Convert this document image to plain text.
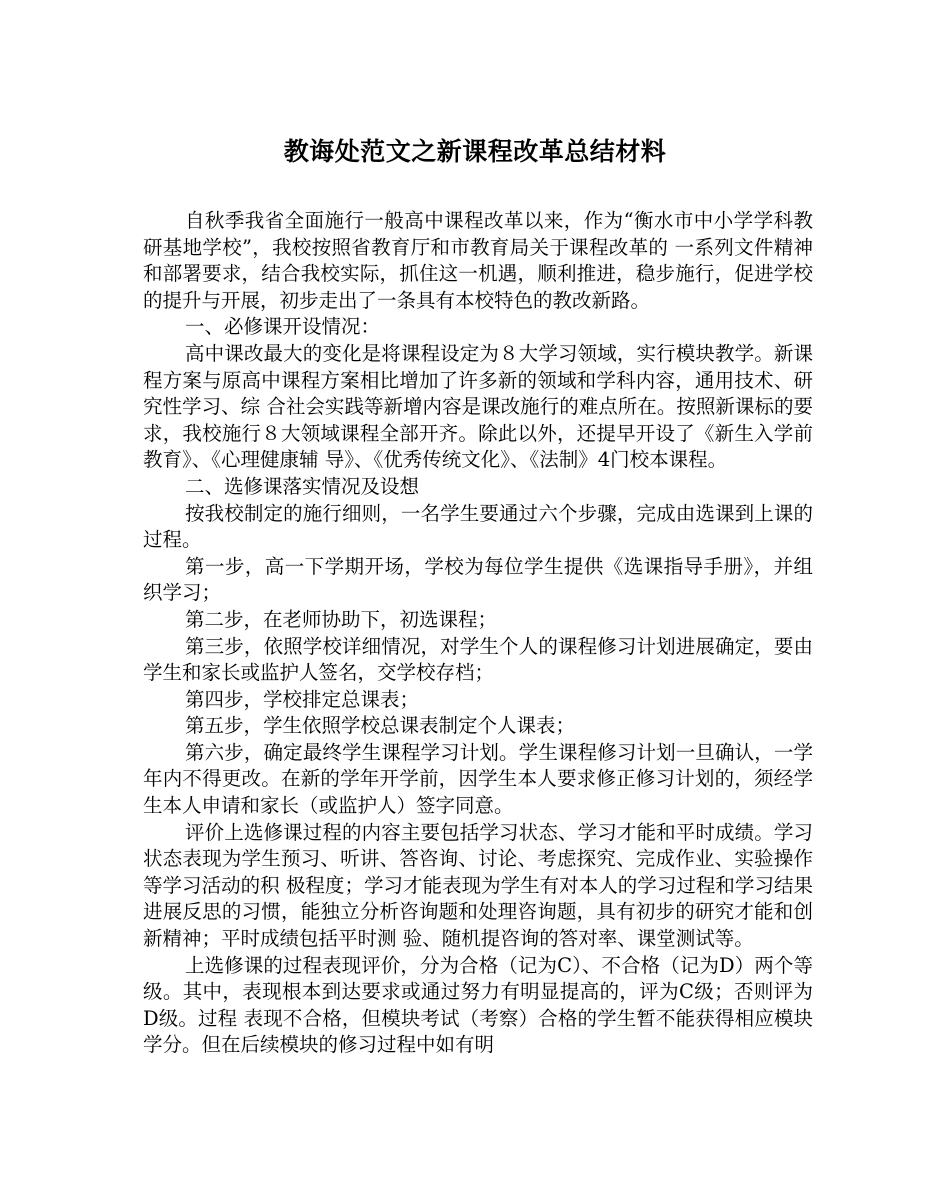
教诲处范文之新课程改革总结材料

自秋季我省全面施行一般高中课程改革以来，作为“衡水市中小学学科教研基地学校”，我校按照省教育厅和市教育局关于课程改革的 一系列文件精神和部署要求，结合我校实际，抓住这一机遇，顺利推进，稳步施行，促进学校的提升与开展，初步走出了一条具有本校特色的教改新路。

一、必修课开设情况：

高中课改最大的变化是将课程设定为８大学习领域，实行模块教学。新课程方案与原高中课程方案相比增加了许多新的领域和学科内容，通用技术、研究性学习、综 合社会实践等新增内容是课改施行的难点所在。按照新课标的要求，我校施行８大领域课程全部开齐。除此以外，还提早开设了《新生入学前教育》、《心理健康辅 导》、《优秀传统文化》、《法制》4门校本课程。

二、选修课落实情况及设想

按我校制定的施行细则，一名学生要通过六个步骤，完成由选课到上课的过程。

第一步，高一下学期开场，学校为每位学生提供《选课指导手册》，并组织学习；

第二步，在老师协助下，初选课程；

第三步，依照学校详细情况，对学生个人的课程修习计划进展确定，要由学生和家长或监护人签名，交学校存档；

第四步，学校排定总课表；

第五步，学生依照学校总课表制定个人课表；

第六步，确定最终学生课程学习计划。学生课程修习计划一旦确认，一学年内不得更改。在新的学年开学前，因学生本人要求修正修习计划的，须经学生本人申请和家长（或监护人）签字同意。

评价上选修课过程的内容主要包括学习状态、学习才能和平时成绩。学习状态表现为学生预习、听讲、答咨询、讨论、考虑探究、完成作业、实验操作等学习活动的积 极程度；学习才能表现为学生有对本人的学习过程和学习结果进展反思的习惯，能独立分析咨询题和处理咨询题，具有初步的研究才能和创新精神；平时成绩包括平时测 验、随机提咨询的答对率、课堂测试等。

上选修课的过程表现评价，分为合格（记为C）、不合格（记为D）两个等级。其中，表现根本到达要求或通过努力有明显提高的，评为C级；否则评为D级。过程 表现不合格，但模块考试（考察）合格的学生暂不能获得相应模块学分。但在后续模块的修习过程中如有明
